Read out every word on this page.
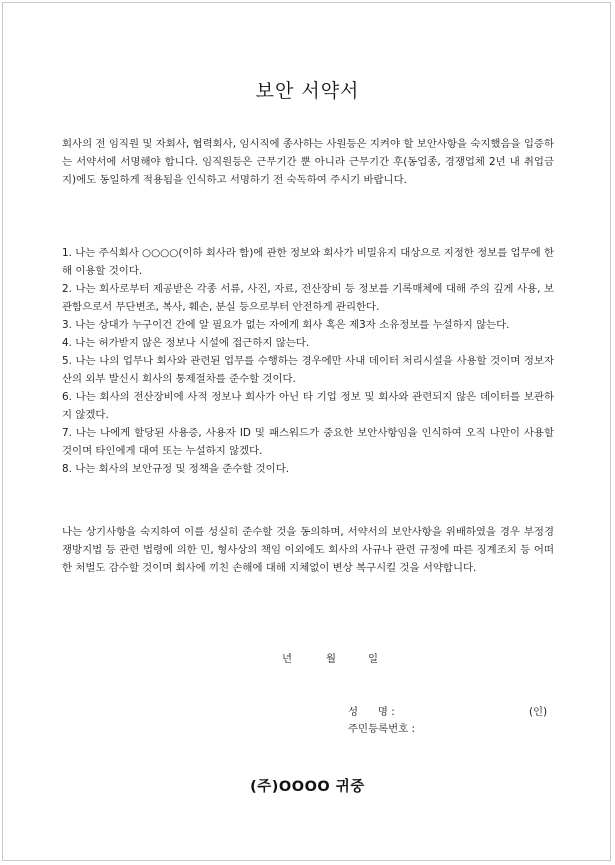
보안 서약서

회사의 전 임직원 및 자회사, 협력회사, 임시직에 종사하는 사원등은 지켜야 할 보안사항을 숙지했음을 입증하는 서약서에 서명해야 합니다. 임직원등은 근무기간 뿐 아니라 근무기간 후(동업종, 경쟁업체 2년 내 취업금지)에도 동일하게 적용됨을 인식하고 서명하기 전 숙독하여 주시기 바랍니다.

1. 나는 주식회사 ○○○○(이하 회사라 함)에 관한 정보와 회사가 비밀유지 대상으로 지정한 정보를 업무에 한해 이용할 것이다.

2. 나는 회사로부터 제공받은 각종 서류, 사진, 자료, 전산장비 등 정보를 기록매체에 대해 주의 깊게 사용, 보관함으로서 무단변조, 복사, 훼손, 분실 등으로부터 안전하게 관리한다.

3. 나는 상대가 누구이건 간에 알 필요가 없는 자에게 회사 혹은 제3자 소유정보를 누설하지 않는다.

4. 나는 허가받지 않은 정보나 시설에 접근하지 않는다.

5. 나는 나의 업무나 회사와 관련된 업무를 수행하는 경우에만 사내 데이터 처리시설을 사용할 것이며 정보자산의 외부 발신시 회사의 통제절차를 준수할 것이다.

6. 나는 회사의 전산장비에 사적 정보나 회사가 아닌 타 기업 정보 및 회사와 관련되지 않은 데이터를 보관하지 않겠다.

7. 나는 나에게 할당된 사용증, 사용자 ID 및 패스워드가 중요한 보안사항임을 인식하여 오직 나만이 사용할 것이며 타인에게 대여 또는 누설하지 않겠다.

8. 나는 회사의 보안규정 및 정책을 준수할 것이다.

나는 상기사항을 숙지하여 이를 성실히 준수할 것을 동의하며, 서약서의 보안사항을 위배하였을 경우 부정경쟁방지법 등 관련 법령에 의한 민, 형사상의 책임 이외에도 회사의 사규나 관련 규정에 따른 징계조치 등 어떠한 처벌도 감수할 것이며 회사에 끼친 손해에 대해 지체없이 변상 복구시킬 것을 서약합니다.

년	월	일
성      명 :	(인)
주민등록번호 :
(주)OOOO 귀중
